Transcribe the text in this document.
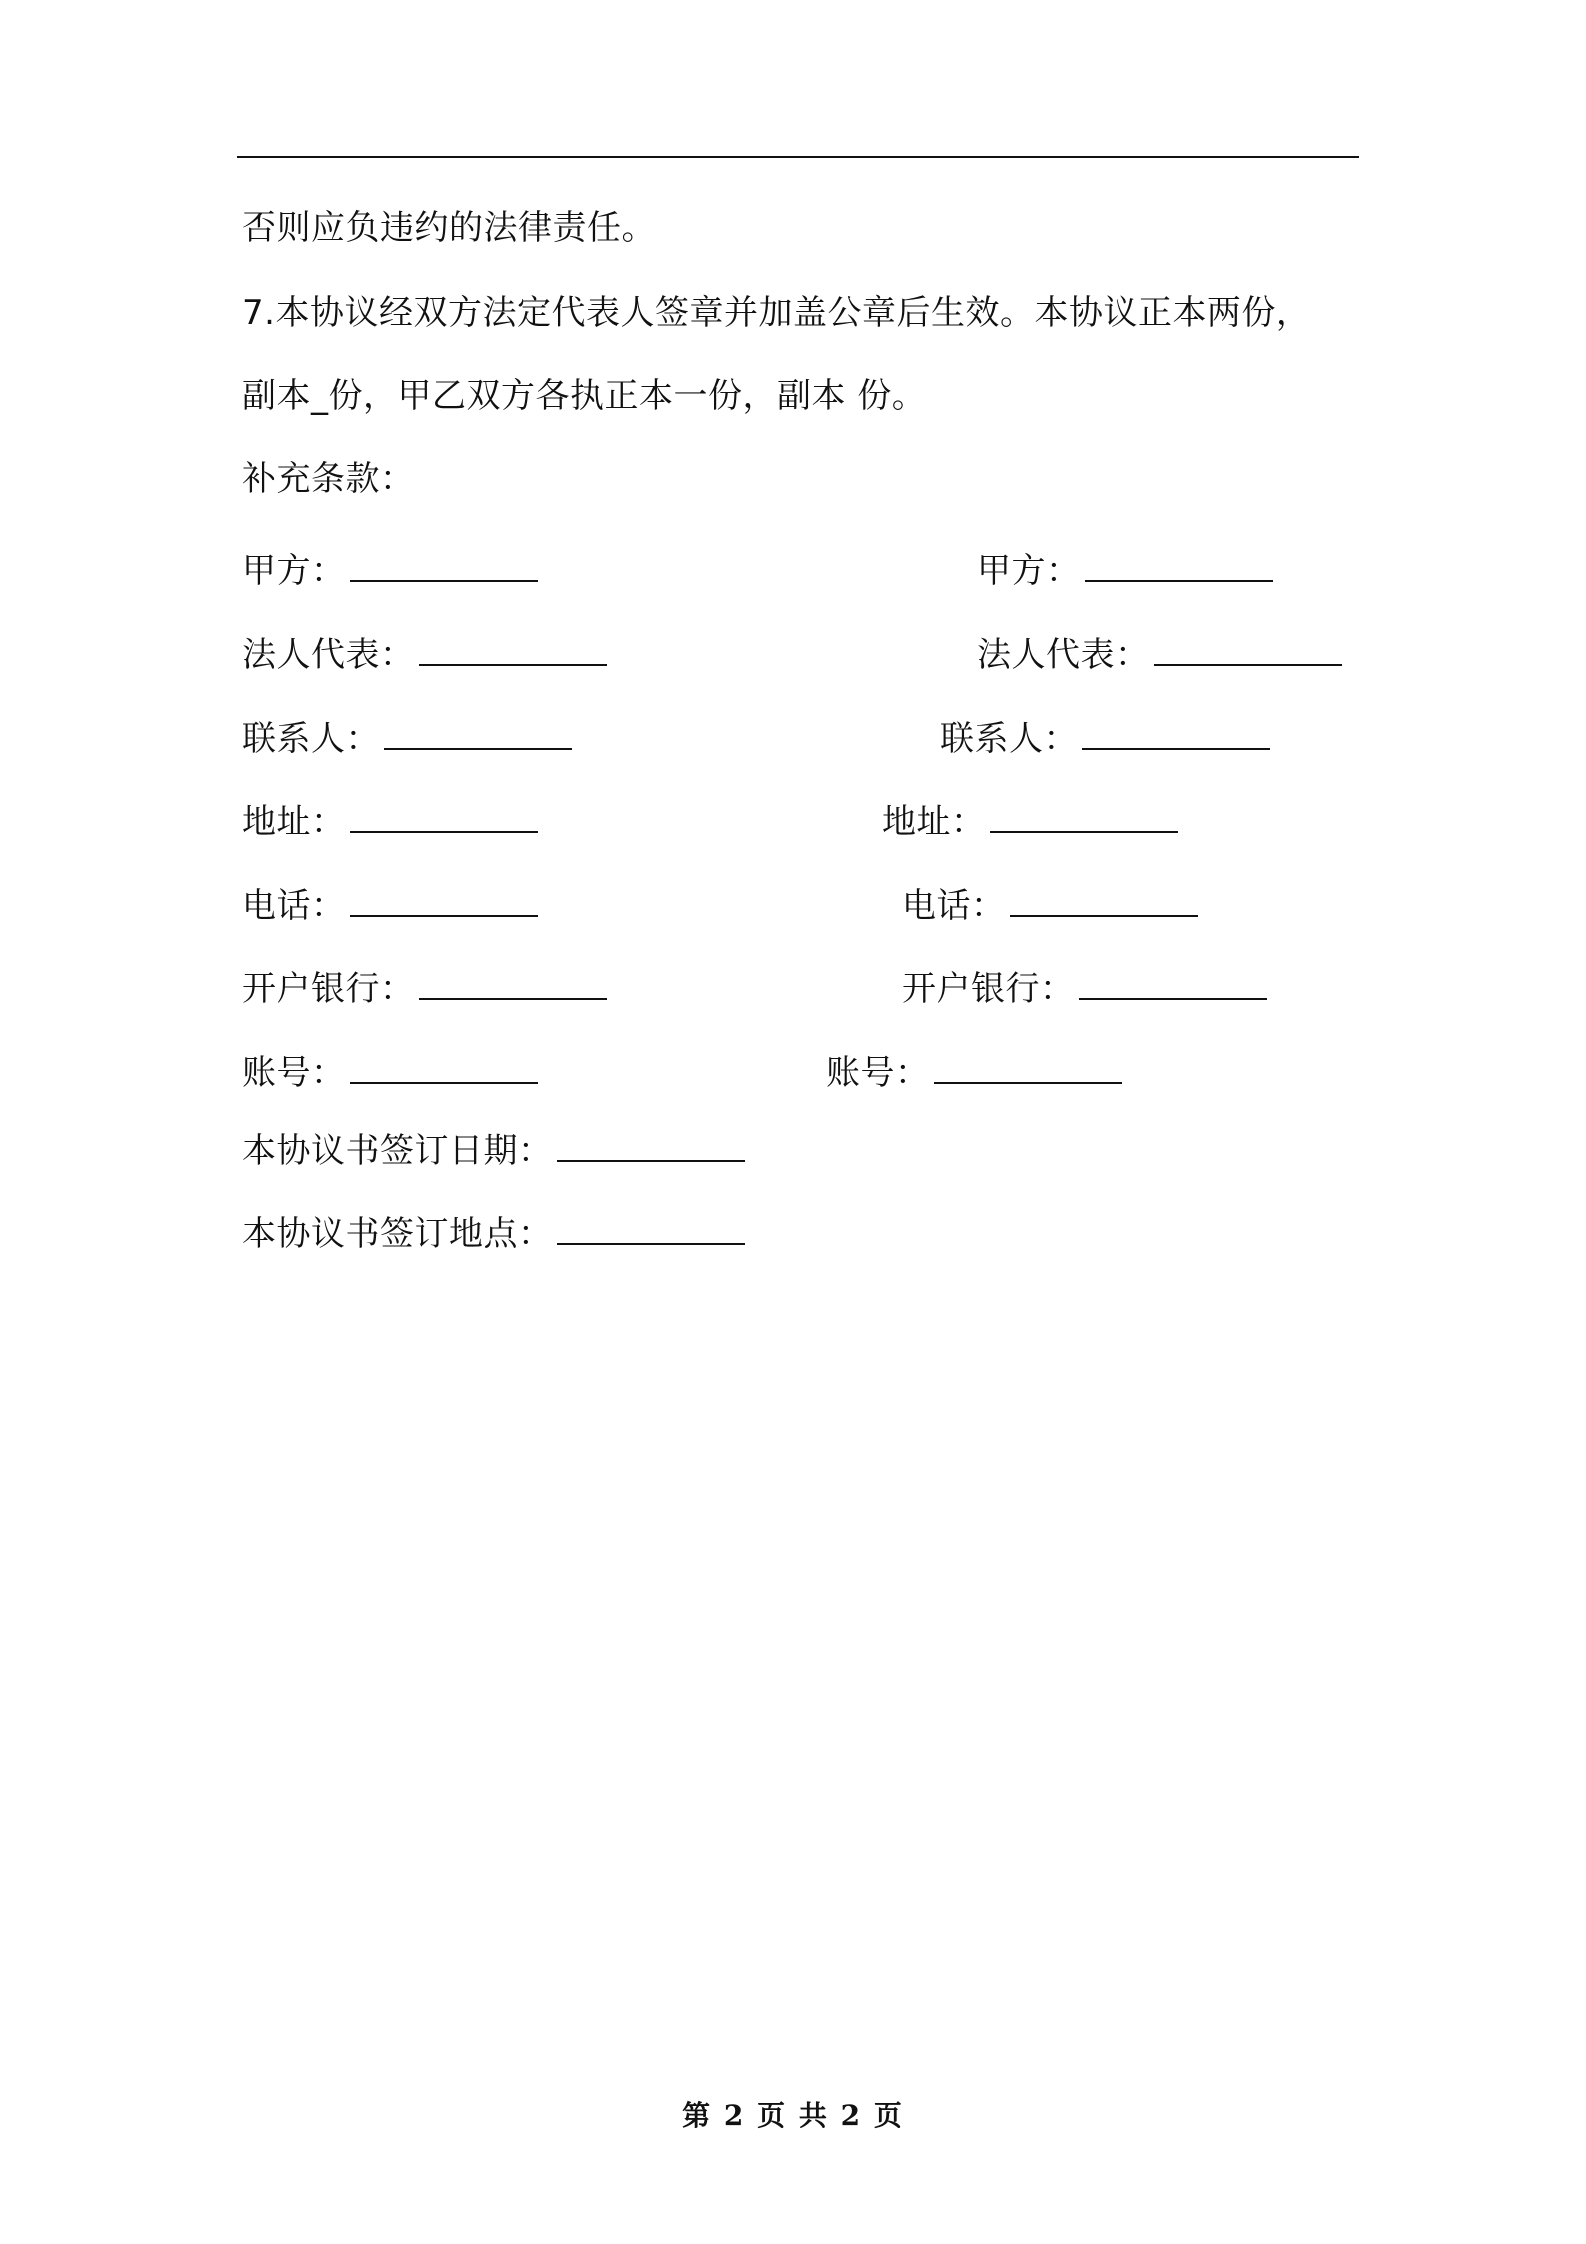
否则应负违约的法律责任。
7.本协议经双方法定代表人签章并加盖公章后生效。本协议正本两份，
副本_份，甲乙双方各执正本一份，副本 份。
补充条款：
甲方：
法人代表：
联系人：
地址：
电话：
开户银行：
账号：
甲方：
法人代表：
联系人：
地址：
电话：
开户银行：
账号：
本协议书签订日期：
本协议书签订地点：
第 2 页 共 2 页
